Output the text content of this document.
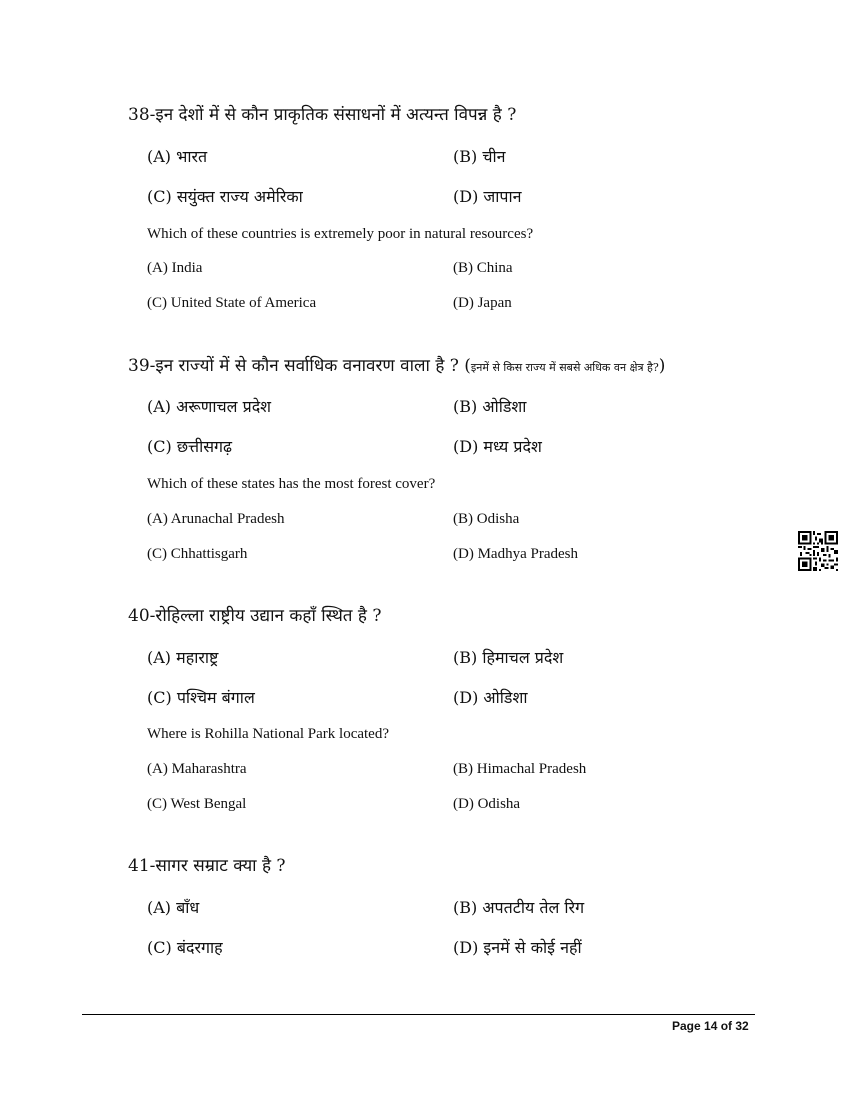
38-इन देशों में से कौन प्राकृतिक संसाधनों में अत्यन्त विपन्न है ?
(A) भारत	(B) चीन
(C) सयुंक्त राज्य अमेरिका	(D) जापान
Which of these countries is extremely poor in natural resources?
(A) India	(B) China
(C) United State of America	(D) Japan
39-इन राज्यों में से कौन सर्वाधिक वनावरण वाला है ? (इनमें से किस राज्य में सबसे अधिक वन क्षेत्र है?)
(A) अरूणाचल प्रदेश	(B) ओडिशा
(C) छत्तीसगढ़	(D) मध्य प्रदेश
Which of these states has the most forest cover?
(A) Arunachal Pradesh	(B) Odisha
(C) Chhattisgarh	(D) Madhya Pradesh
40-रोहिल्ला राष्ट्रीय उद्यान कहाँ स्थित है ?
(A) महाराष्ट्र	(B) हिमाचल प्रदेश
(C) पश्चिम बंगाल	(D) ओडिशा
Where is Rohilla National Park located?
(A) Maharashtra	(B) Himachal Pradesh
(C) West Bengal	(D) Odisha
41-सागर सम्राट क्या है ?
(A) बाँध	(B) अपतटीय तेल रिग
(C) बंदरगाह	(D) इनमें से कोई नहीं
Page 14 of 32
